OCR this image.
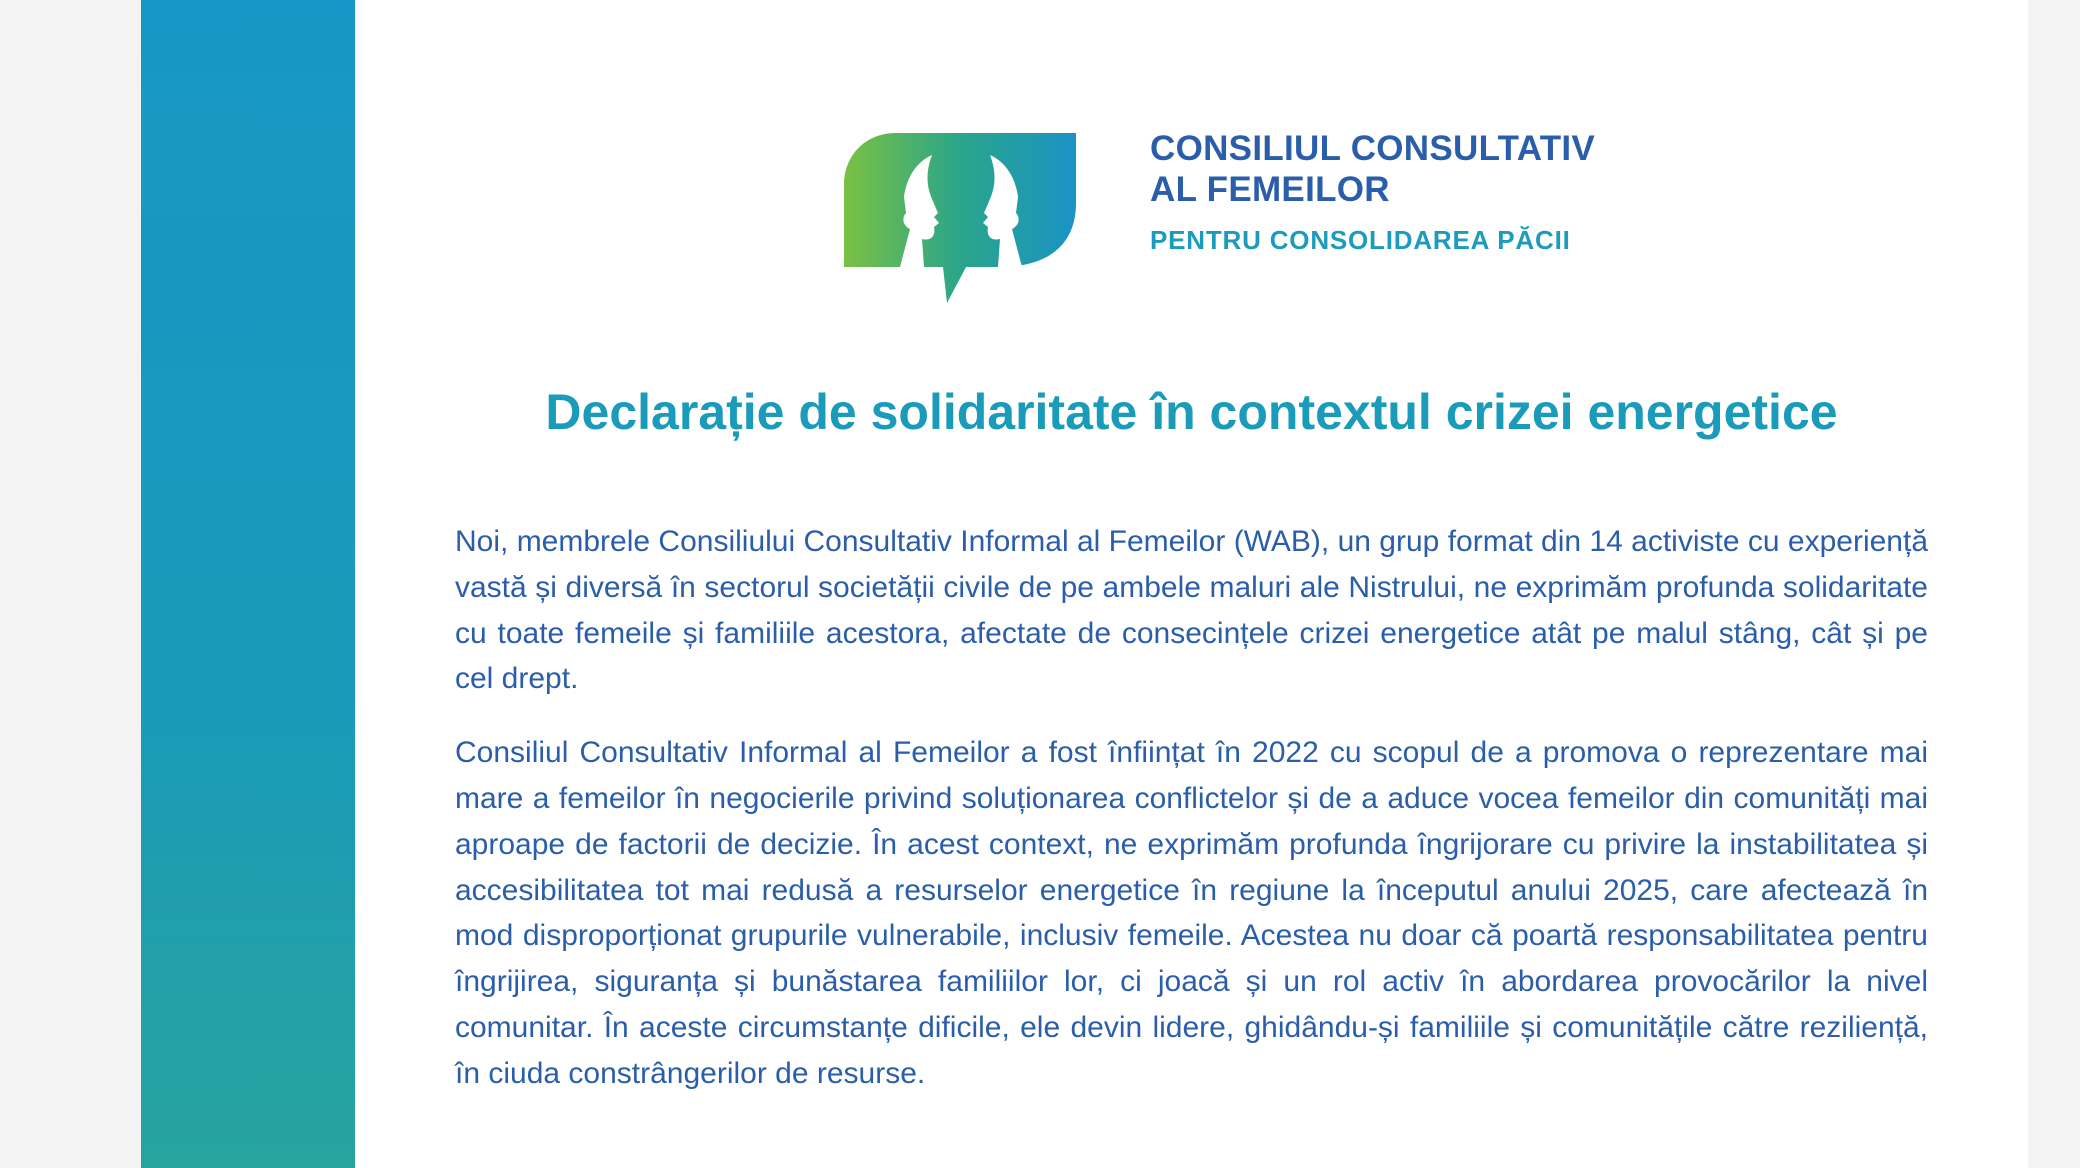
CONSILIUL CONSULTATIV
AL FEMEILOR
PENTRU CONSOLIDAREA PĂCII
Declarație de solidaritate în contextul crizei energetice

Noi, membrele Consiliului Consultativ Informal al Femeilor (WAB), un grup format din 14 activiste cu experiență vastă și diversă în sectorul societății civile de pe ambele maluri ale Nistrului, ne exprimăm profunda solidaritate cu toate femeile și familiile acestora, afectate de consecințele crizei energetice atât pe malul stâng, cât și pe cel drept.

Consiliul Consultativ Informal al Femeilor a fost înființat în 2022 cu scopul de a promova o reprezentare mai mare a femeilor în negocierile privind soluționarea conflictelor și de a aduce vocea femeilor din comunități mai aproape de factorii de decizie. În acest context, ne exprimăm profunda îngrijorare cu privire la instabilitatea și accesibilitatea tot mai redusă a resurselor energetice în regiune la începutul anului 2025, care afectează în mod disproporționat grupurile vulnerabile, inclusiv femeile. Acestea nu doar că poartă responsabilitatea pentru îngrijirea, siguranța și bunăstarea familiilor lor, ci joacă și un rol activ în abordarea provocărilor la nivel comunitar. În aceste circumstanțe dificile, ele devin lidere, ghidându-și familiile și comunitățile către reziliență, în ciuda constrângerilor de resurse.
